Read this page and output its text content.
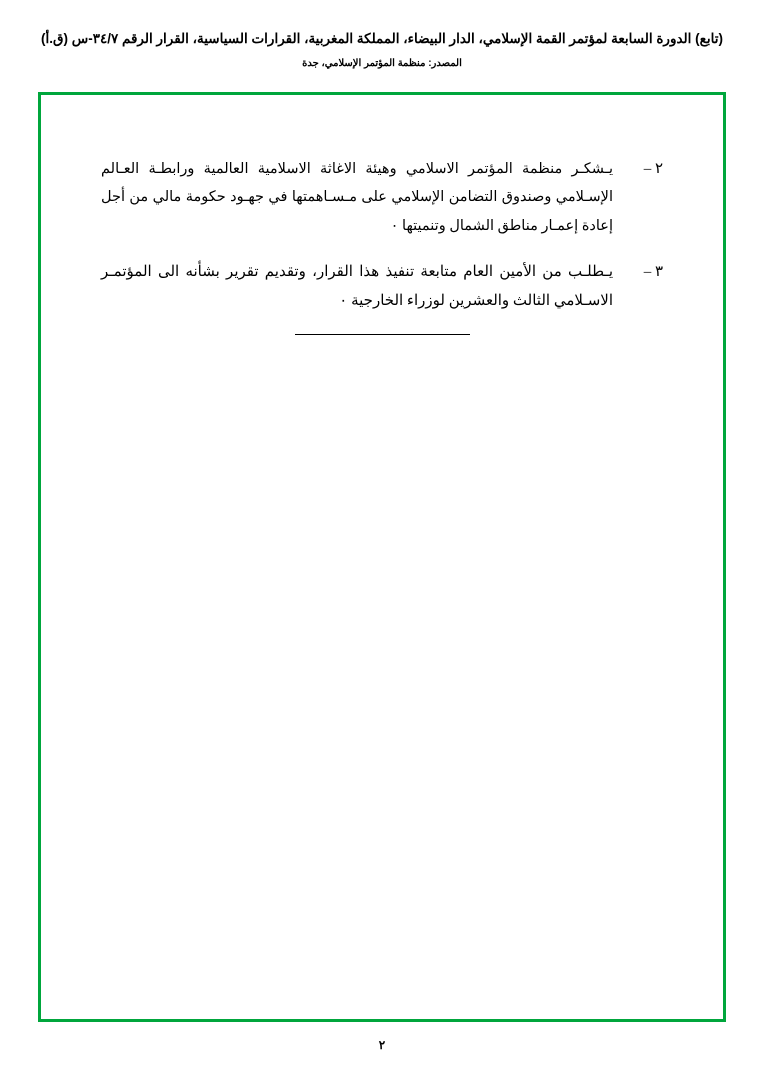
(تابع) الدورة السابعة لمؤتمر القمة الإسلامي، الدار البيضاء، المملكة المغربية، القرارات السياسية، القرار الرقم ٣٤/٧-س (ق.أ)
المصدر: منظمة المؤتمر الإسلامي، جدة
٢ –
يـشكـر منظمة المؤتمر الاسلامي وهيئة الاغاثة الاسلامية العالمية ورابطـة العـالم الإسـلامي وصندوق التضامن الإسلامي على مـسـاهمتها في جهـود حكومة مالي من أجل إعادة إعمـار مناطق الشمال وتنميتها ٠
٣ –
يـطلـب من الأمين العام متابعة تنفيذ هذا القرار، وتقديم تقرير بشأنه الى المؤتمـر الاسـلامي الثالث والعشرين لوزراء الخارجية ٠
٢
